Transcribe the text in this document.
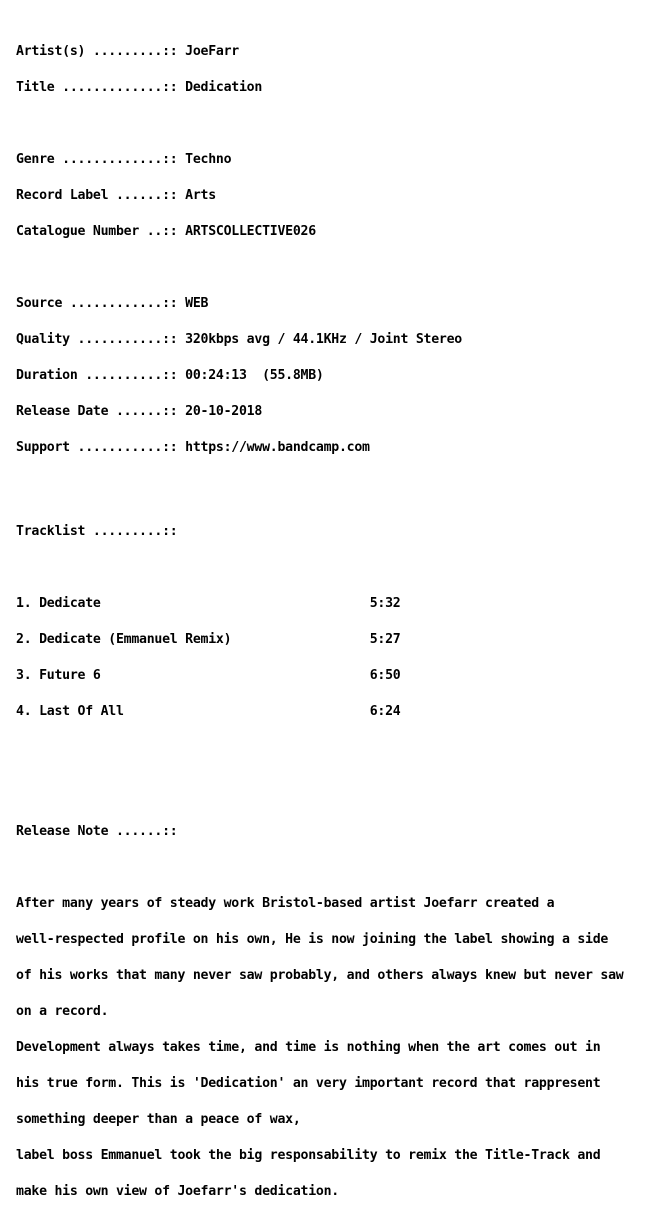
Artist(s) .........:: JoeFarr

Title .............:: Dedication

Genre .............:: Techno

Record Label ......:: Arts

Catalogue Number ..:: ARTSCOLLECTIVE026

Source ............:: WEB

Quality ...........:: 320kbps avg / 44.1KHz / Joint Stereo

Duration ..........:: 00:24:13  (55.8MB)

Release Date ......:: 20-10-2018

Support ...........:: https://www.bandcamp.com

Tracklist .........::

1. Dedicate                                   5:32

2. Dedicate (Emmanuel Remix)                  5:27

3. Future 6                                   6:50

4. Last Of All                                6:24

Release Note ......::

After many years of steady work Bristol-based artist Joefarr created a

well-respected profile on his own, He is now joining the label showing a side

of his works that many never saw probably, and others always knew but never saw

on a record.

Development always takes time, and time is nothing when the art comes out in

his true form. This is 'Dedication' an very important record that rappresent

something deeper than a peace of wax,

label boss Emmanuel took the big responsability to remix the Title-Track and

make his own view of Joefarr's dedication.
